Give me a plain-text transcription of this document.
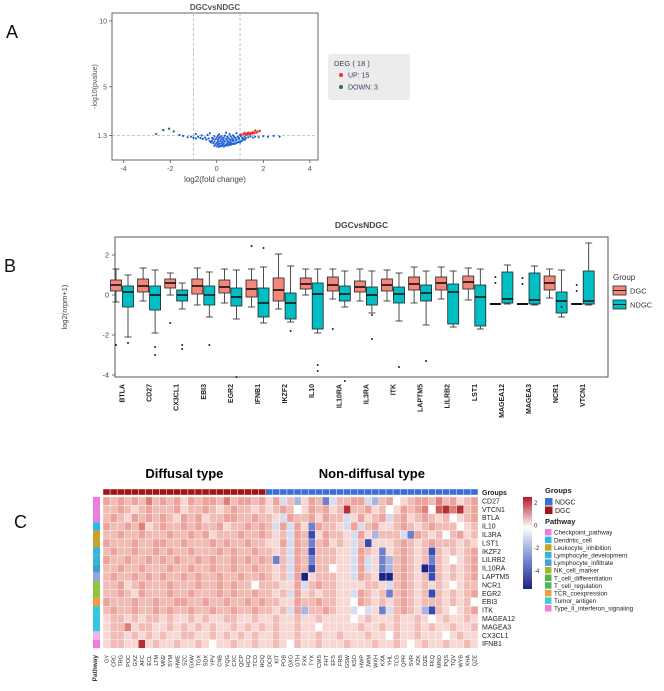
A
B
C
-4	-2	0	2	4
10
5
1.3
DGCvsNDGC
log2(fold change)
-log10(pvalue)
DEG ( 18 )
UP: 15
DOWN: 3
2
0
-2
-4
DGCvsNDGC
log2(nrpm+1)
BTLA	CD27	CX3CL1	EBI3	EGR2	IFNB1	IKZF2	IL10	IL10RA	IL3RA	ITK	LAPTM5	LILRB2	LST1	MAGEA12	MAGEA3	NCR1	VTCN1
Group
DGC
NDGC
Diffusal type	Non-diffusal type
Groups
CD27
VTCN1
BTLA
IL10
IL3RA
LST1
IKZF2
LILRB2
IL10RA
LAPTM5
NCR1
EGR2
EBI3
ITK
MAGEA12
MAGEA3
CX3CL1
IFNB1
2
0
-2
-4
Groups
NDGC
DGC
Pathway
Checkpoint_pathway
Dendritic_cell
Leukocyte_inhibition
Lymphocyte_development
Lymphocyte_infiltrate
NK_cell_marker
T_cell_differentiation
T_cell_regulation
TCR_coexpression
Tumor_antigen
Type_II_interferon_signaling
GY CRC TRG POC GXZ AFC ECL LTM MN2 SYM HWE SZC GXW TGX SDX YPV CNB YQG CXC QCP HCQ TCO HOQ DCR KIT POB GXO GTH FXK TYX CWS FHT EFS FRS GSW KSO HWP JWM WXH KXA YHL TCG QPR SVR XZK DZE FKQ MNO PQS TQV WYB XHA QZE
Pathway
